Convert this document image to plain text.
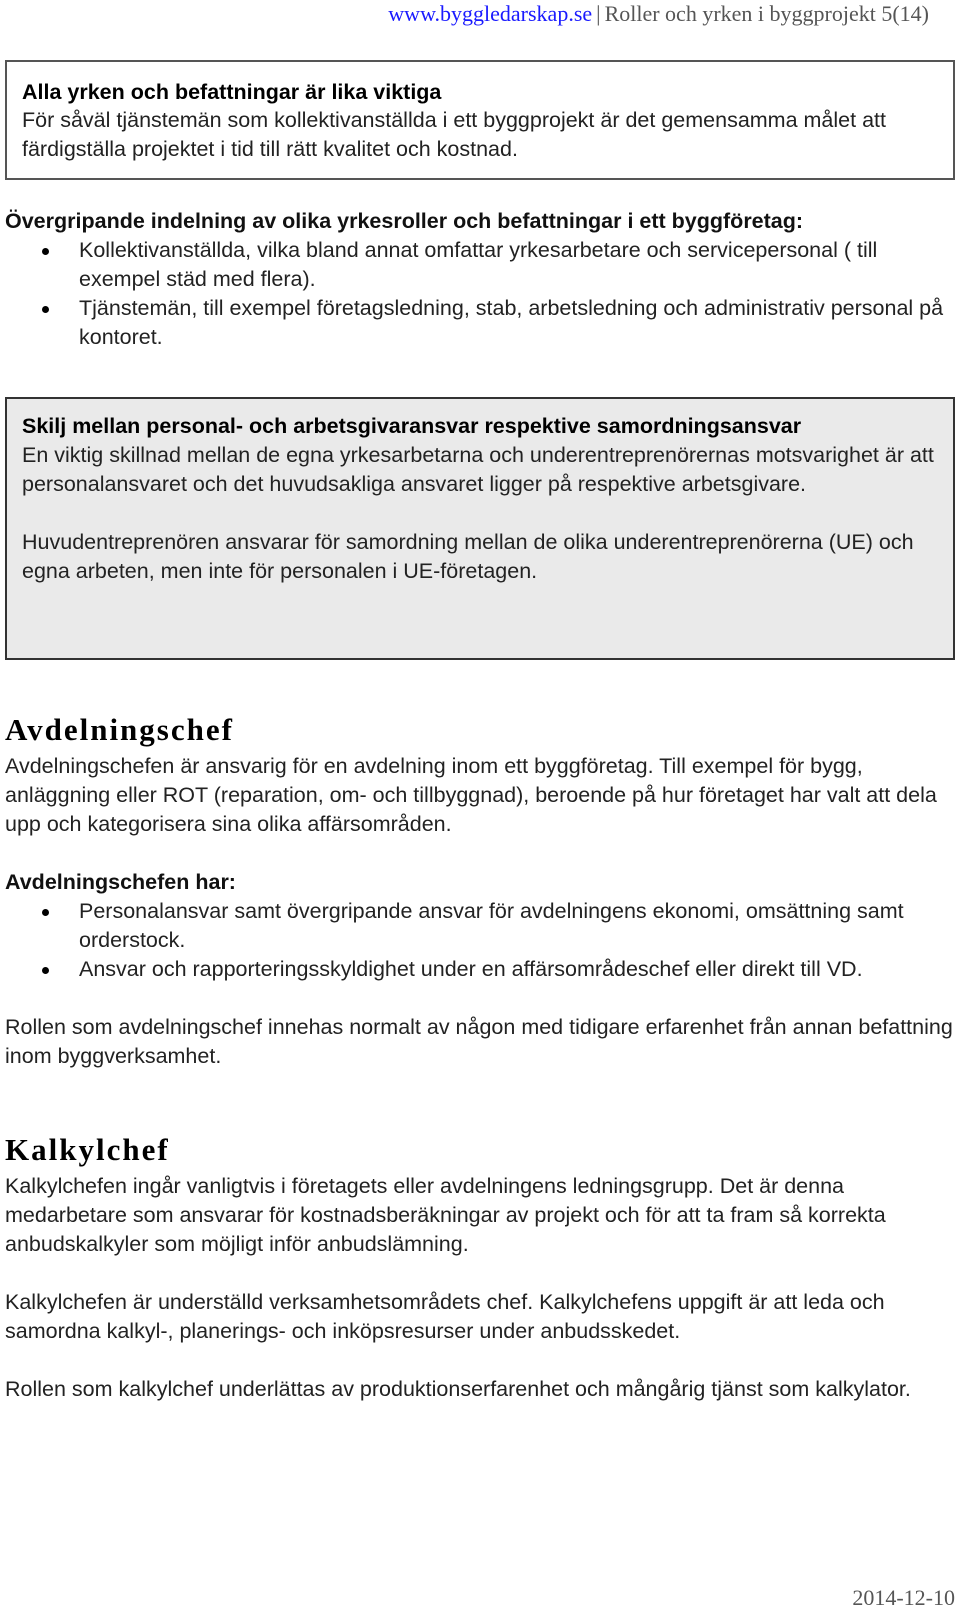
www.byggledarskap.se | Roller och yrken i byggprojekt 5(14)
Alla yrken och befattningar är lika viktiga

För såväl tjänstemän som kollektivanställda i ett byggprojekt är det gemensamma målet att färdigställa projektet i tid till rätt kvalitet och kostnad.

Övergripande indelning av olika yrkesroller och befattningar i ett byggföretag:
Kollektivanställda, vilka bland annat omfattar yrkesarbetare och servicepersonal ( till exempel städ med flera).
Tjänstemän, till exempel företagsledning, stab, arbetsledning och administrativ personal på kontoret.
Skilj mellan personal- och arbetsgivaransvar respektive samordningsansvar

En viktig skillnad mellan de egna yrkesarbetarna och underentreprenörernas motsvarighet är att personalansvaret och det huvudsakliga ansvaret ligger på respektive arbetsgivare.

Huvudentreprenören ansvarar för samordning mellan de olika underentreprenörerna (UE) och egna arbeten, men inte för personalen i UE-företagen.

Avdelningschef

Avdelningschefen är ansvarig för en avdelning inom ett byggföretag. Till exempel för bygg, anläggning eller ROT (reparation, om- och tillbyggnad), beroende på hur företaget har valt att dela upp och kategorisera sina olika affärsområden.

Avdelningschefen har:
Personalansvar samt övergripande ansvar för avdelningens ekonomi, omsättning samt orderstock.
Ansvar och rapporteringsskyldighet under en affärsområdeschef eller direkt till VD.

Rollen som avdelningschef innehas normalt av någon med tidigare erfarenhet från annan befattning inom byggverksamhet.

Kalkylchef

Kalkylchefen ingår vanligtvis i företagets eller avdelningens ledningsgrupp. Det är denna medarbetare som ansvarar för kostnadsberäkningar av projekt och för att ta fram så korrekta anbudskalkyler som möjligt inför anbudslämning.

Kalkylchefen är underställd verksamhetsområdets chef. Kalkylchefens uppgift är att leda och samordna kalkyl-, planerings- och inköpsresurser under anbudsskedet.

Rollen som kalkylchef underlättas av produktionserfarenhet och mångårig tjänst som kalkylator.

2014-12-10
